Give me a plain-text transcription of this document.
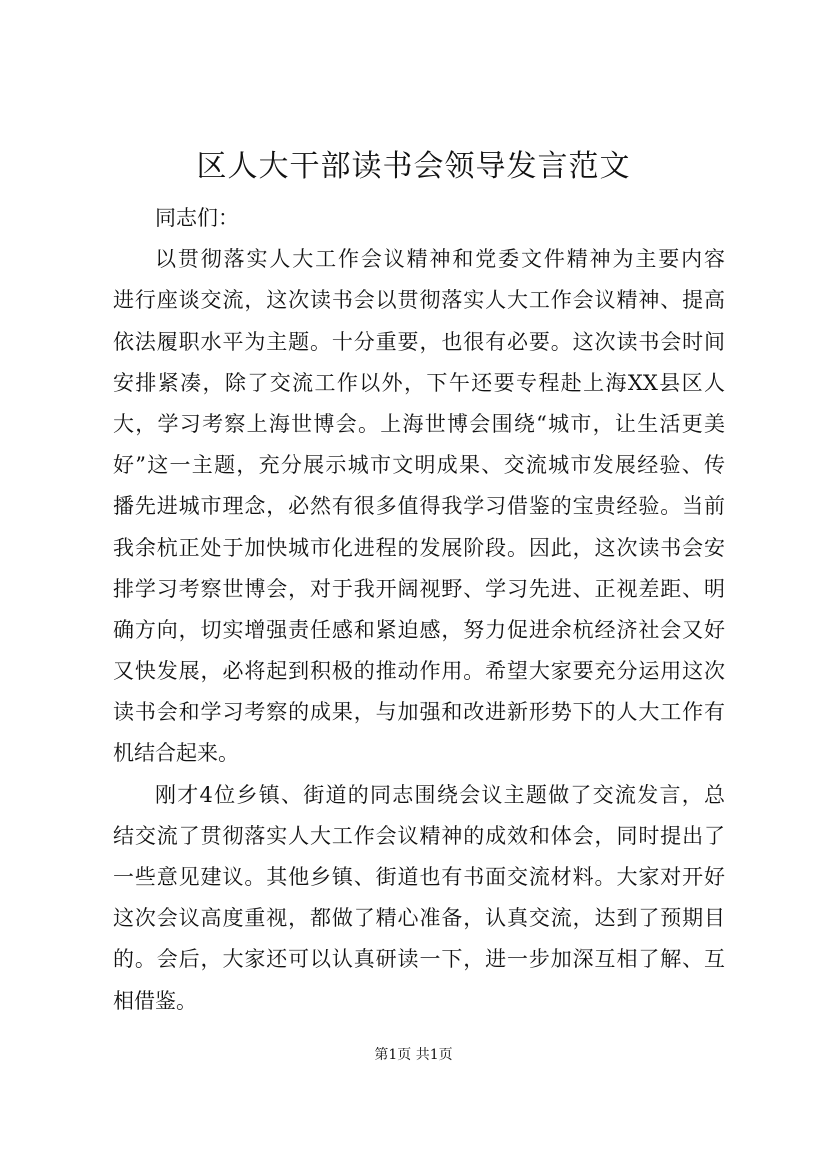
区人大干部读书会领导发言范文
同志们：
以贯彻落实人大工作会议精神和党委文件精神为主要内容
进行座谈交流，这次读书会以贯彻落实人大工作会议精神、提高
依法履职水平为主题。十分重要，也很有必要。这次读书会时间
安排紧凑，除了交流工作以外，下午还要专程赴上海XX县区人
大，学习考察上海世博会。上海世博会围绕“城市，让生活更美
好”这一主题，充分展示城市文明成果、交流城市发展经验、传
播先进城市理念，必然有很多值得我学习借鉴的宝贵经验。当前
我余杭正处于加快城市化进程的发展阶段。因此，这次读书会安
排学习考察世博会，对于我开阔视野、学习先进、正视差距、明
确方向，切实增强责任感和紧迫感，努力促进余杭经济社会又好
又快发展，必将起到积极的推动作用。希望大家要充分运用这次
读书会和学习考察的成果，与加强和改进新形势下的人大工作有
机结合起来。
刚才4位乡镇、街道的同志围绕会议主题做了交流发言，总
结交流了贯彻落实人大工作会议精神的成效和体会，同时提出了
一些意见建议。其他乡镇、街道也有书面交流材料。大家对开好
这次会议高度重视，都做了精心准备，认真交流，达到了预期目
的。会后，大家还可以认真研读一下，进一步加深互相了解、互
相借鉴。
第1页 共1页
